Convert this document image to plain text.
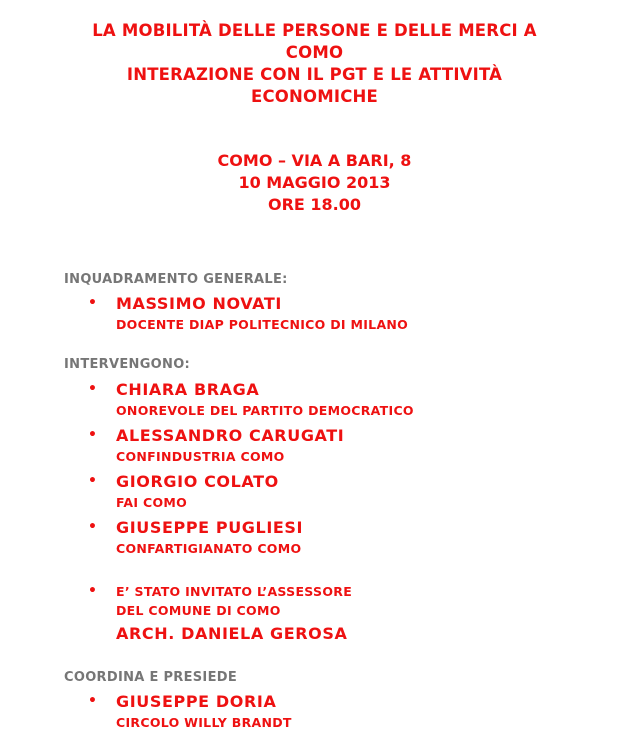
LA MOBILITÀ DELLE PERSONE E DELLE MERCI A
COMO
INTERAZIONE CON IL PGT E LE ATTIVITÀ
ECONOMICHE
COMO – VIA A BARI, 8
10 MAGGIO 2013
ORE 18.00
INQUADRAMENTO GENERALE:
• MASSIMO NOVATI
DOCENTE DIAP POLITECNICO DI MILANO
INTERVENGONO:
• CHIARA BRAGA
ONOREVOLE DEL PARTITO DEMOCRATICO
• ALESSANDRO CARUGATI
CONFINDUSTRIA COMO
• GIORGIO COLATO
FAI COMO
• GIUSEPPE PUGLIESI
CONFARTIGIANATO COMO
• E’ STATO INVITATO L’ASSESSORE
DEL COMUNE DI COMO
ARCH. DANIELA GEROSA
COORDINA E PRESIEDE
• GIUSEPPE DORIA
CIRCOLO WILLY BRANDT
